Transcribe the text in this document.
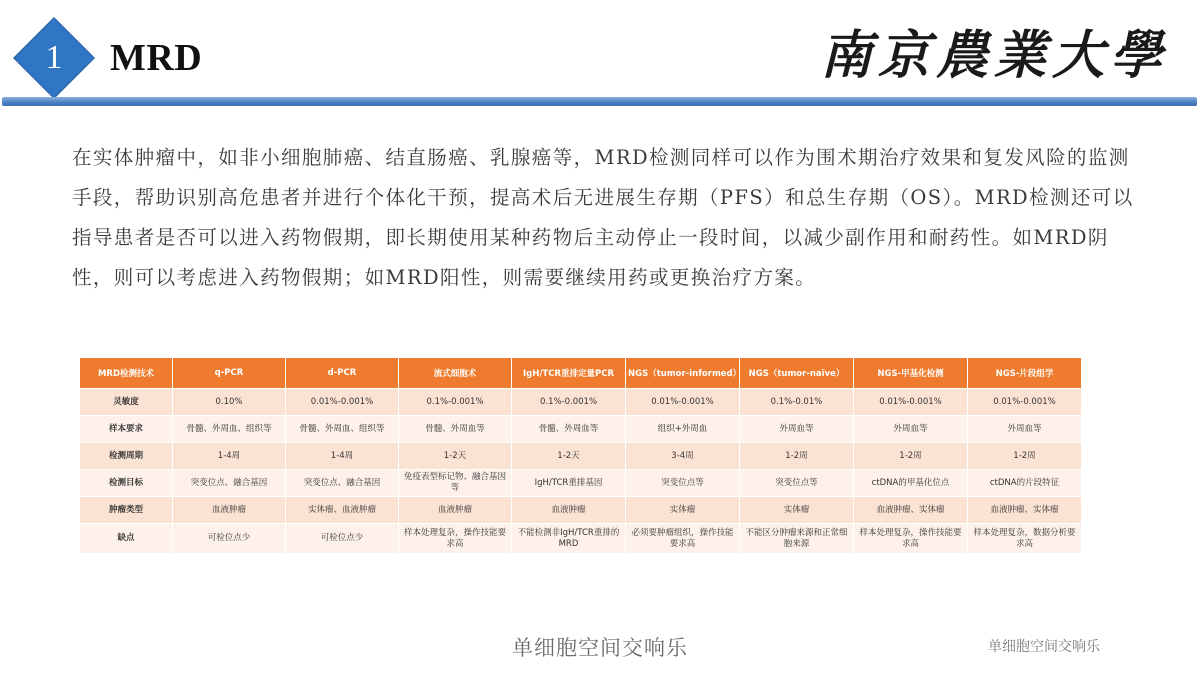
1	MRD	南京農業大學
在实体肿瘤中，如非小细胞肺癌、结直肠癌、乳腺癌等，MRD检测同样可以作为围术期治疗效果和复发风险的监测手段，帮助识别高危患者并进行个体化干预，提高术后无进展生存期（PFS）和总生存期（OS）。MRD检测还可以指导患者是否可以进入药物假期，即长期使用某种药物后主动停止一段时间，以减少副作用和耐药性。如MRD阴性，则可以考虑进入药物假期；如MRD阳性，则需要继续用药或更换治疗方案。
MRD检测技术	q-PCR	d-PCR	流式细胞术	IgH/TCR重排定量PCR	NGS（tumor-informed）	NGS（tumor-naïve）	NGS-甲基化检测	NGS-片段组学
灵敏度	0.10%	0.01%-0.001%	0.1%-0.001%	0.1%-0.001%	0.01%-0.001%	0.1%-0.01%	0.01%-0.001%	0.01%-0.001%
样本要求	骨髓、外周血、组织等	骨髓、外周血、组织等	骨髓、外周血等	骨髓、外周血等	组织+外周血	外周血等	外周血等	外周血等
检测周期	1-4周	1-4周	1-2天	1-2天	3-4周	1-2周	1-2周	1-2周
检测目标	突变位点、融合基因	突变位点、融合基因	免疫表型标记物、融合基因等	IgH/TCR重排基因	突变位点等	突变位点等	ctDNA的甲基化位点	ctDNA的片段特征
肿瘤类型	血液肿瘤	实体瘤、血液肿瘤	血液肿瘤	血液肿瘤	实体瘤	实体瘤	血液肿瘤、实体瘤	血液肿瘤、实体瘤
缺点	可检位点少	可检位点少	样本处理复杂，操作技能要求高	不能检测非IgH/TCR重排的MRD	必须要肿瘤组织，操作技能要求高	不能区分肿瘤来源和正常细胞来源	样本处理复杂，操作技能要求高	样本处理复杂，数据分析要求高
单细胞空间交响乐	单细胞空间交响乐
